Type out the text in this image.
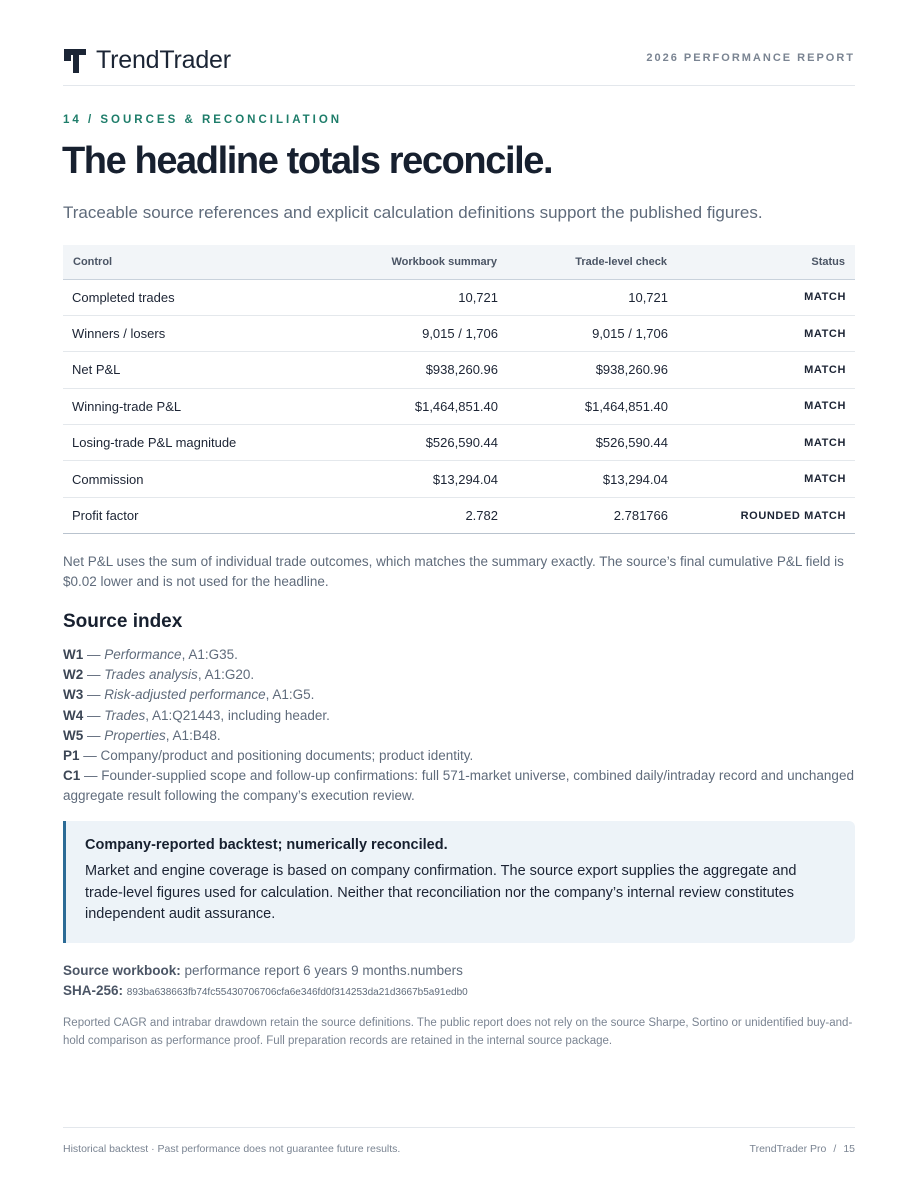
TrendTrader	2026 PERFORMANCE REPORT
14 / SOURCES & RECONCILIATION
The headline totals reconcile.

Traceable source references and explicit calculation definitions support the published figures.

Control	Workbook summary	Trade-level check	Status
Completed trades	10,721	10,721	MATCH
Winners / losers	9,015 / 1,706	9,015 / 1,706	MATCH
Net P&L	$938,260.96	$938,260.96	MATCH
Winning-trade P&L	$1,464,851.40	$1,464,851.40	MATCH
Losing-trade P&L magnitude	$526,590.44	$526,590.44	MATCH
Commission	$13,294.04	$13,294.04	MATCH
Profit factor	2.782	2.781766	ROUNDED MATCH

Net P&L uses the sum of individual trade outcomes, which matches the summary exactly. The source’s final cumulative P&L field is $0.02 lower and is not used for the headline.

Source index
W1 — Performance, A1:G35.
W2 — Trades analysis, A1:G20.
W3 — Risk-adjusted performance, A1:G5.
W4 — Trades, A1:Q21443, including header.
W5 — Properties, A1:B48.
P1 — Company/product and positioning documents; product identity.
C1 — Founder-supplied scope and follow-up confirmations: full 571-market universe, combined daily/intraday record and unchanged aggregate result following the company’s execution review.
Company-reported backtest; numerically reconciled.
Market and engine coverage is based on company confirmation. The source export supplies the aggregate and trade-level figures used for calculation. Neither that reconciliation nor the company’s internal review constitutes independent audit assurance.
Source workbook: performance report 6 years 9 months.numbers
SHA-256: 893ba638663fb74fc55430706706cfa6e346fd0f314253da21d3667b5a91edb0

Reported CAGR and intrabar drawdown retain the source definitions. The public report does not rely on the source Sharpe, Sortino or unidentified buy-and-hold comparison as performance proof. Full preparation records are retained in the internal source package.

Historical backtest · Past performance does not guarantee future results.	TrendTrader Pro / 15
